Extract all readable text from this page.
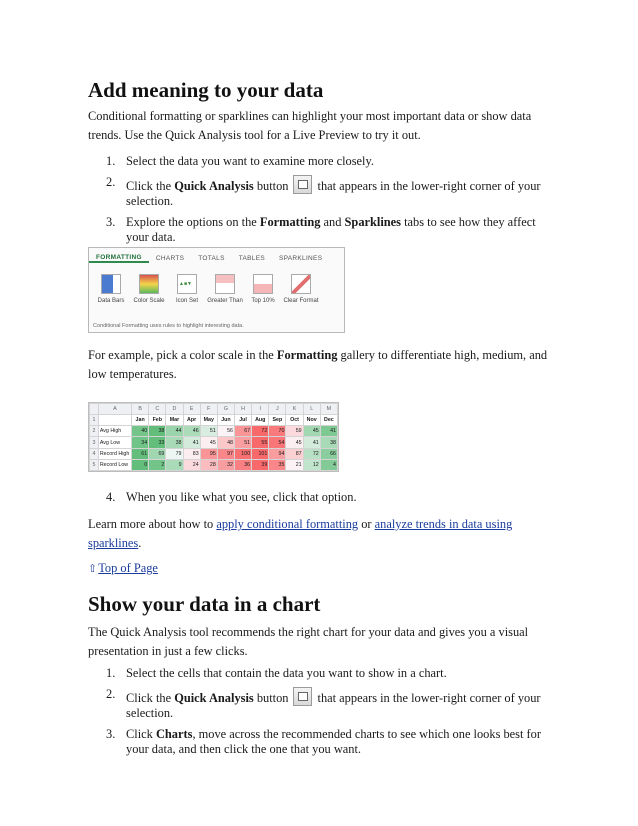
Add meaning to your data

Conditional formatting or sparklines can highlight your most important data or show data trends. Use the Quick Analysis tool for a Live Preview to try it out.

1. Select the data you want to examine more closely.
2. Click the Quick Analysis button that appears in the lower-right corner of your selection.
3. Explore the options on the Formatting and Sparklines tabs to see how they affect your data.
FORMATTING	CHARTS	TOTALS	TABLES	SPARKLINES
Data Bars	Color Scale
▲■▼	Icon Set	Greater Than	Top 10%	Clear Format
Conditional Formatting uses rules to highlight interesting data.

For example, pick a color scale in the Formatting gallery to differentiate high, medium, and low temperatures.

	A	B	C	D	E	F	G	H	I	J	K	L	M
1		Jan	Feb	Mar	Apr	May	Jun	Jul	Aug	Sep	Oct	Nov	Dec
2	Avg High	40	38	44	46	51	56	67	72	70	59	45	41
3	Avg Low	34	33	38	41	45	48	51	55	54	45	41	38
4	Record High	61	69	79	83	95	97	100	101	94	87	72	66
5	Record Low	0	2	9	24	28	32	36	39	35	21	12	4
4. When you like what you see, click that option.

Learn more about how to apply conditional formatting or analyze trends in data using sparklines.

⇧Top of Page
Show your data in a chart

The Quick Analysis tool recommends the right chart for your data and gives you a visual presentation in just a few clicks.

1. Select the cells that contain the data you want to show in a chart.
2. Click the Quick Analysis button that appears in the lower-right corner of your selection.
3. Click Charts, move across the recommended charts to see which one looks best for your data, and then click the one that you want.
